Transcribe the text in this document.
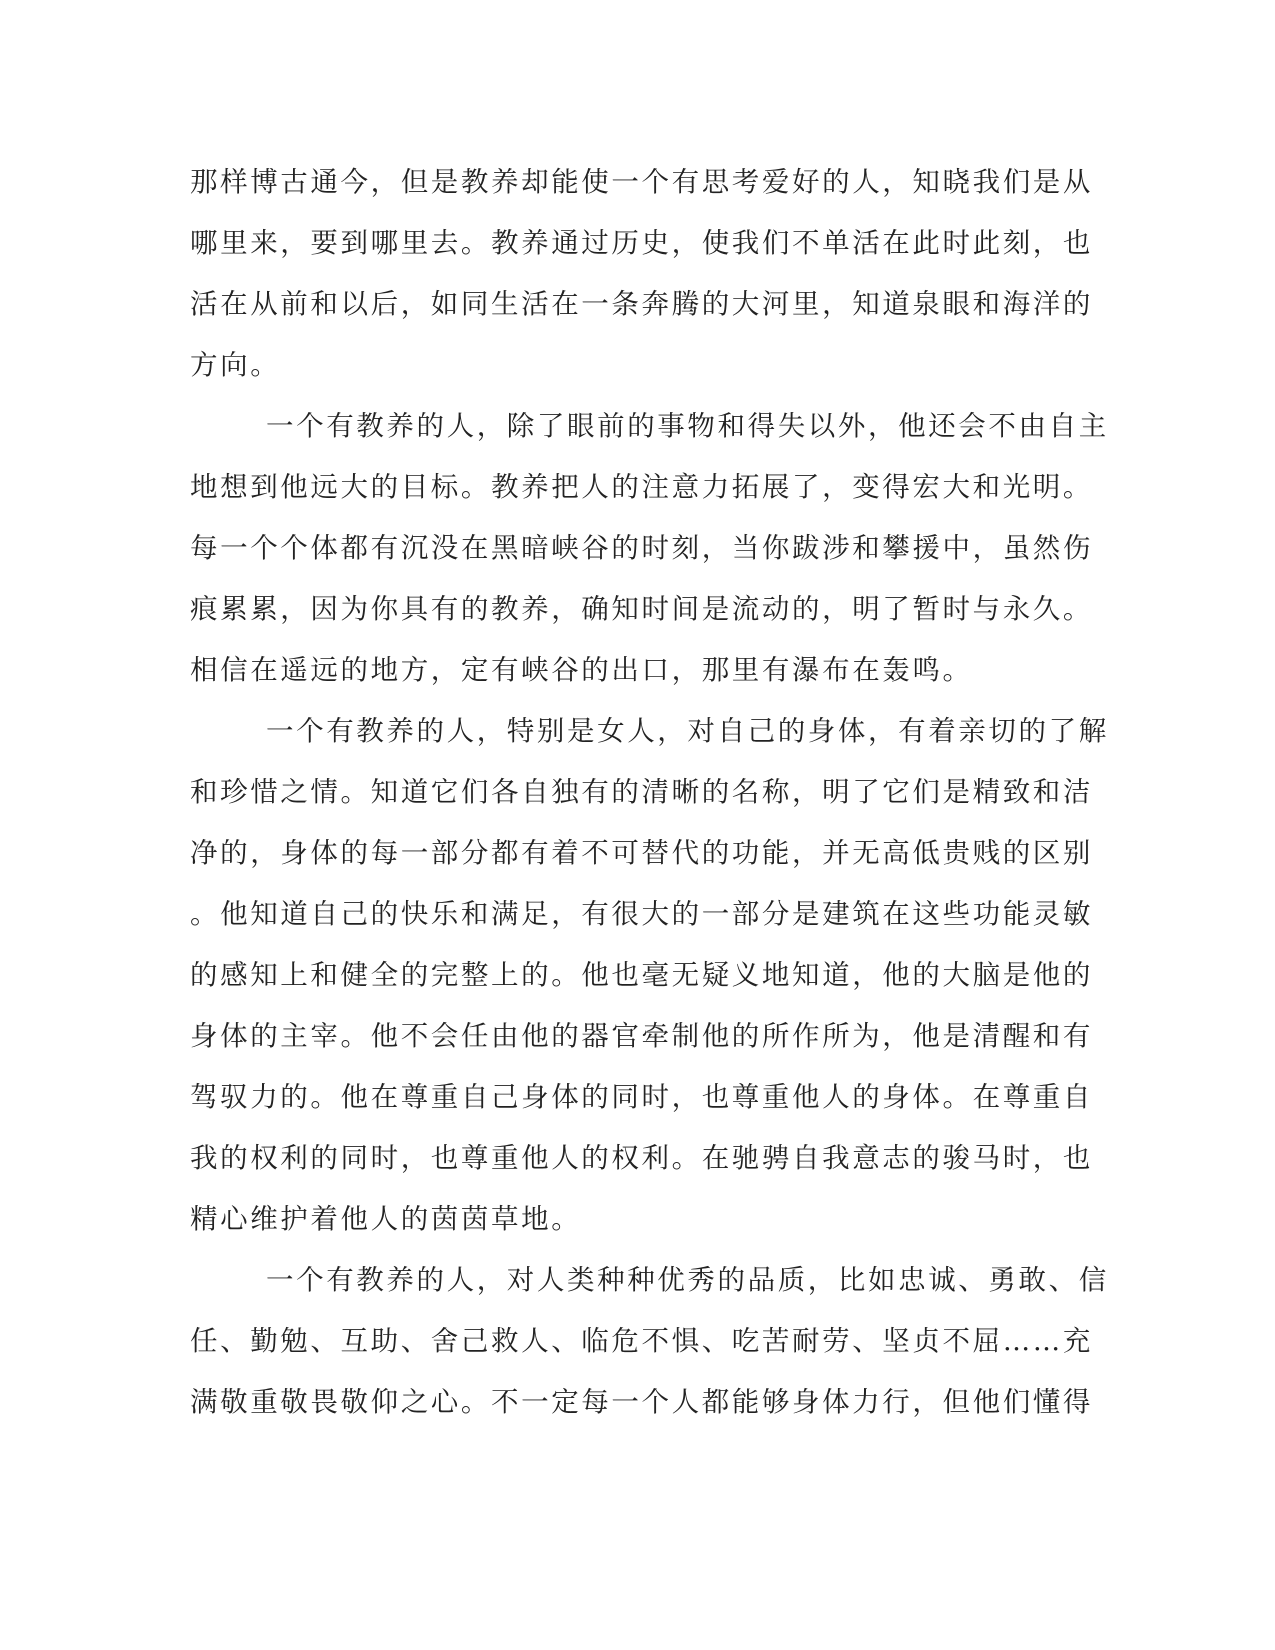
那样博古通今，但是教养却能使一个有思考爱好的人，知晓我们是从
哪里来，要到哪里去。教养通过历史，使我们不单活在此时此刻，也
活在从前和以后，如同生活在一条奔腾的大河里，知道泉眼和海洋的
方向。
一个有教养的人，除了眼前的事物和得失以外，他还会不由自主
地想到他远大的目标。教养把人的注意力拓展了，变得宏大和光明。
每一个个体都有沉没在黑暗峡谷的时刻，当你跋涉和攀援中，虽然伤
痕累累，因为你具有的教养，确知时间是流动的，明了暂时与永久。
相信在遥远的地方，定有峡谷的出口，那里有瀑布在轰鸣。
一个有教养的人，特别是女人，对自己的身体，有着亲切的了解
和珍惜之情。知道它们各自独有的清晰的名称，明了它们是精致和洁
净的，身体的每一部分都有着不可替代的功能，并无高低贵贱的区别
。他知道自己的快乐和满足，有很大的一部分是建筑在这些功能灵敏
的感知上和健全的完整上的。他也毫无疑义地知道，他的大脑是他的
身体的主宰。他不会任由他的器官牵制他的所作所为，他是清醒和有
驾驭力的。他在尊重自己身体的同时，也尊重他人的身体。在尊重自
我的权利的同时，也尊重他人的权利。在驰骋自我意志的骏马时，也
精心维护着他人的茵茵草地。
一个有教养的人，对人类种种优秀的品质，比如忠诚、勇敢、信
任、勤勉、互助、舍己救人、临危不惧、吃苦耐劳、坚贞不屈……充
满敬重敬畏敬仰之心。不一定每一个人都能够身体力行，但他们懂得
